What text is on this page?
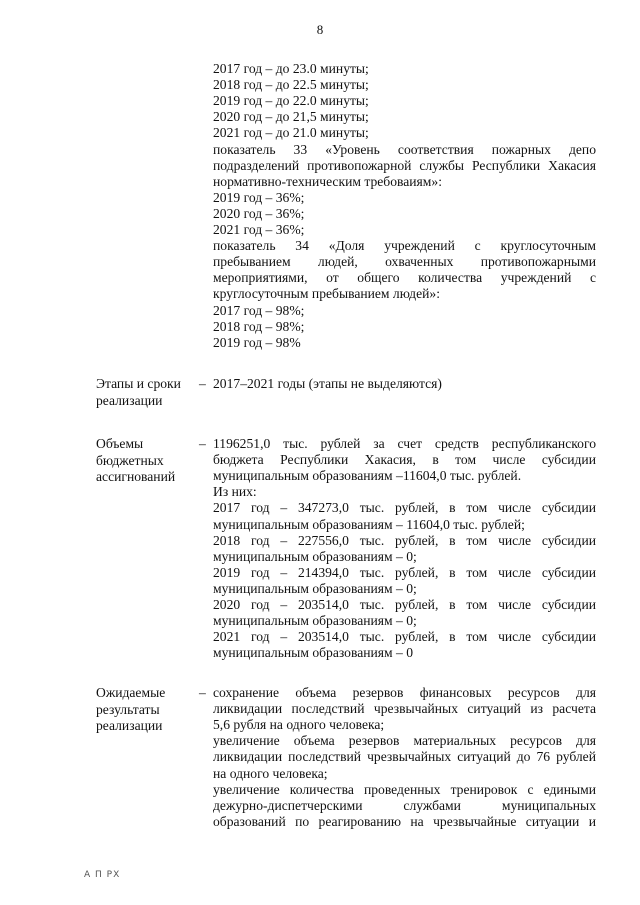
8
2017 год – до 23.0 минуты;
2018 год – до 22.5 минуты;
2019 год – до 22.0 минуты;
2020 год – до 21,5 минуты;
2021 год – до 21.0 минуты;
показатель 33 «Уровень соответствия пожарных депо
подразделений противопожарной службы Республики Хакасия
нормативно-техническим требоваиям»:
2019 год – 36%;
2020 год – 36%;
2021 год – 36%;
показатель 34 «Доля учреждений с круглосуточным
пребыванием людей, охваченных противопожарными
мероприятиями, от общего количества учреждений с
круглосуточным пребыванием людей»:
2017 год – 98%;
2018 год – 98%;
2019 год – 98%
Этапы и сроки
реализации
– 2017–2021 годы (этапы не выделяются)
Объемы
бюджетных
ассигнований
– 1196251,0 тыс. рублей за счет средств республиканского
бюджета Республики Хакасия, в том числе субсидии
муниципальным образованиям –11604,0 тыс. рублей.
Из них:
2017 год – 347273,0 тыс. рублей, в том числе субсидии
муниципальным образованиям – 11604,0 тыс. рублей;
2018 год – 227556,0 тыс. рублей, в том числе субсидии
муниципальным образованиям – 0;
2019 год – 214394,0 тыс. рублей, в том числе субсидии
муниципальным образованиям – 0;
2020 год – 203514,0 тыс. рублей, в том числе субсидии
муниципальным образованиям – 0;
2021 год – 203514,0 тыс. рублей, в том числе субсидии
муниципальным образованиям – 0
Ожидаемые
результаты
реализации
– сохранение объема резервов финансовых ресурсов для
ликвидации последствий чрезвычайных ситуаций из расчета
5,6 рубля на одного человека;
увеличение объема резервов материальных ресурсов для
ликвидации последствий чрезвычайных ситуаций до 76 рублей
на одного человека;
увеличение количества проведенных тренировок с едиными
дежурно-диспетчерскими службами муниципальных
образований по реагированию на чрезвычайные ситуации и
А П РХ
